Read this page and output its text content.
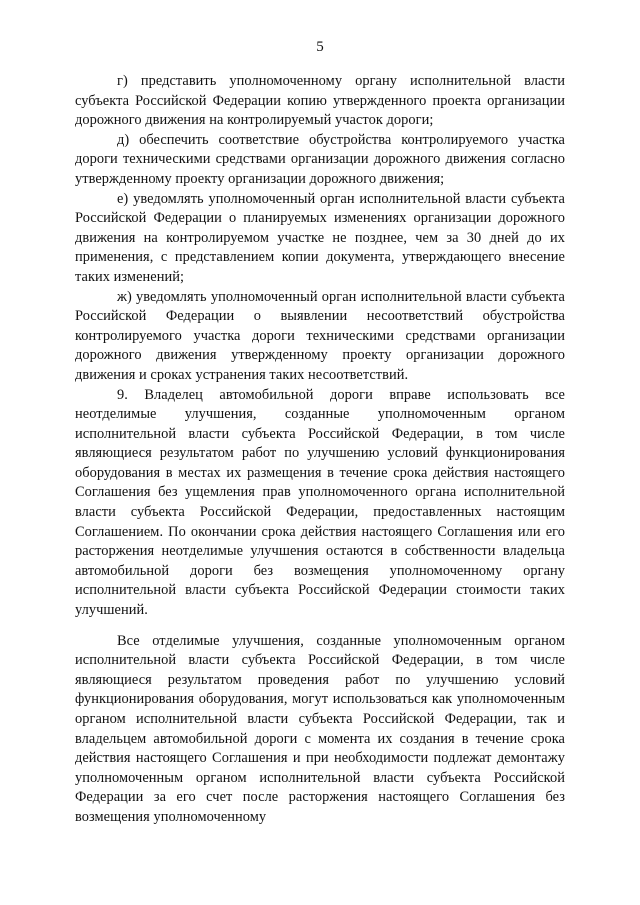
5

г) представить уполномоченному органу исполнительной власти субъекта Российской Федерации копию утвержденного проекта организации дорожного движения на контролируемый участок дороги;

д) обеспечить соответствие обустройства контролируемого участка дороги техническими средствами организации дорожного движения согласно утвержденному проекту организации дорожного движения;

е) уведомлять уполномоченный орган исполнительной власти субъекта Российской Федерации о планируемых изменениях организации дорожного движения на контролируемом участке не позднее, чем за 30 дней до их применения, с представлением копии документа, утверждающего внесение таких изменений;

ж) уведомлять уполномоченный орган исполнительной власти субъекта Российской Федерации о выявлении несоответствий обустройства контролируемого участка дороги техническими средствами организации дорожного движения утвержденному проекту организации дорожного движения и сроках устранения таких несоответствий.

9. Владелец автомобильной дороги вправе использовать все неотделимые улучшения, созданные уполномоченным органом исполнительной власти субъекта Российской Федерации, в том числе являющиеся результатом работ по улучшению условий функционирования оборудования в местах их размещения в течение срока действия настоящего Соглашения без ущемления прав уполномоченного органа исполнительной власти субъекта Российской Федерации, предоставленных настоящим Соглашением. По окончании срока действия настоящего Соглашения или его расторжения неотделимые улучшения остаются в собственности владельца автомобильной дороги без возмещения уполномоченному органу исполнительной власти субъекта Российской Федерации стоимости таких улучшений.

Все отделимые улучшения, созданные уполномоченным органом исполнительной власти субъекта Российской Федерации, в том числе являющиеся результатом проведения работ по улучшению условий функционирования оборудования, могут использоваться как уполномоченным органом исполнительной власти субъекта Российской Федерации, так и владельцем автомобильной дороги с момента их создания в течение срока действия настоящего Соглашения и при необходимости подлежат демонтажу уполномоченным органом исполнительной власти субъекта Российской Федерации за его счет после расторжения настоящего Соглашения без возмещения уполномоченному
